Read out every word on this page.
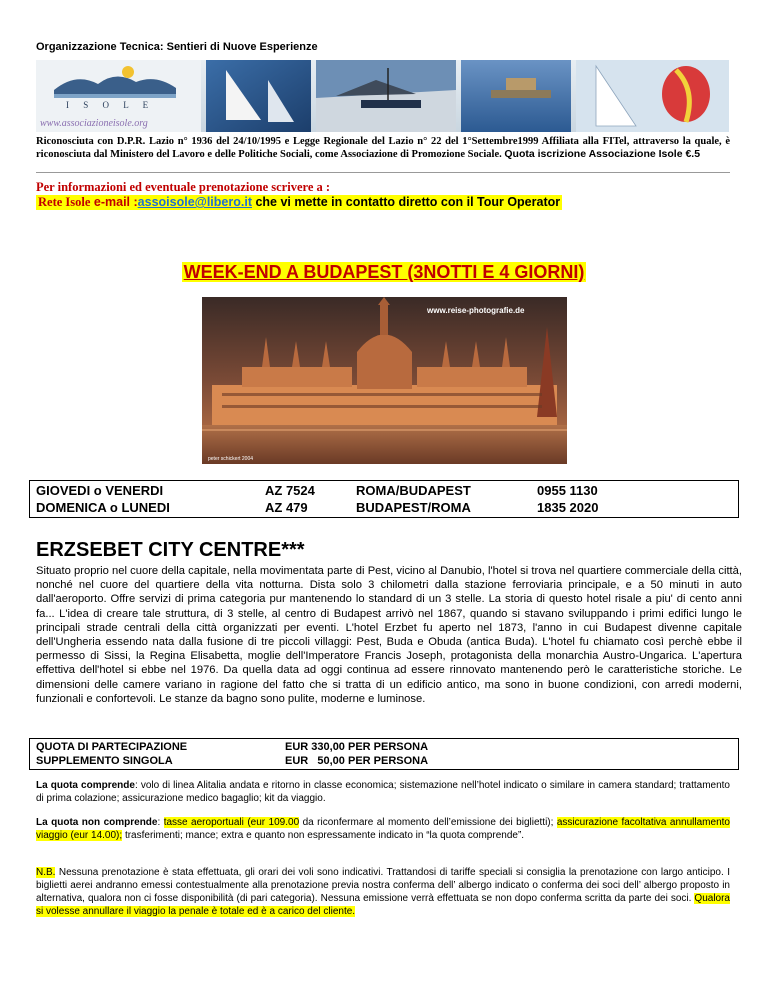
Organizzazione Tecnica: Sentieri di Nuove Esperienze
I S O L E
www.associazioneisole.org
Riconosciuta con D.P.R. Lazio n° 1936 del 24/10/1995 e Legge Regionale del Lazio n° 22 del 1°Settembre1999 Affiliata alla FITel, attraverso la quale, è riconosciuta dal Ministero del Lavoro e delle Politiche Sociali, come Associazione di Promozione Sociale. Quota iscrizione Associazione Isole €.5
Per informazioni ed eventuale prenotazione scrivere a :
Rete Isole e-mail :assoisole@libero.it che vi mette in contatto diretto con il Tour Operator
WEEK-END A BUDAPEST (3NOTTI E 4 GIORNI)
www.reise-photografie.de
peter schickert 2004
GIOVEDI o VENERDI	AZ 7524	ROMA/BUDAPEST	0955 1130
DOMENICA o LUNEDI	AZ 479	BUDAPEST/ROMA	1835 2020
ERZSEBET CITY CENTRE***
Situato proprio nel cuore della capitale, nella movimentata parte di Pest, vicino al Danubio, l'hotel si trova nel quartiere commerciale della città, nonché nel cuore del quartiere della vita notturna. Dista solo 3 chilometri dalla stazione ferroviaria principale, e a 50 minuti in auto dall'aeroporto. Offre servizi di prima categoria pur mantenendo lo standard di un 3 stelle. La storia di questo hotel risale a piu' di cento anni fa... L'idea di creare tale struttura, di 3 stelle, al centro di Budapest arrivò nel 1867, quando si stavano sviluppando i primi edifici lungo le principali strade centrali della città organizzati per eventi. L'hotel Erzbet fu aperto nel 1873, l'anno in cui Budapest divenne capitale dell'Ungheria essendo nata dalla fusione di tre piccoli villaggi: Pest, Buda e Obuda (antica Buda). L'hotel fu chiamato così perchè ebbe il permesso di Sissi, la Regina Elisabetta, moglie dell'Imperatore Francis Joseph, protagonista della monarchia Austro-Ungarica. L'apertura effettiva dell'hotel si ebbe nel 1976. Da quella data ad oggi continua ad essere rinnovato mantenendo però le caratteristiche storiche. Le dimensioni delle camere variano in ragione del fatto che si tratta di un edificio antico, ma sono in buone condizioni, con arredi moderni, funzionali e confortevoli. Le stanze da bagno sono pulite, moderne e luminose.
QUOTA DI PARTECIPAZIONE	EUR 330,00 PER PERSONA
SUPPLEMENTO SINGOLA	EUR   50,00 PER PERSONA
La quota comprende: volo di linea Alitalia andata e ritorno in classe economica; sistemazione nell’hotel indicato o similare in camera standard; trattamento di prima colazione; assicurazione medico bagaglio; kit da viaggio.
La quota non comprende: tasse aeroportuali (eur 109.00 da riconfermare al momento dell’emissione dei biglietti); assicurazione facoltativa annullamento viaggio (eur 14.00); trasferimenti; mance; extra e quanto non espressamente indicato in “la quota comprende”.
N.B. Nessuna prenotazione è stata effettuata, gli orari dei voli sono indicativi. Trattandosi di tariffe speciali si consiglia la prenotazione con largo anticipo. I biglietti aerei andranno emessi contestualmente alla prenotazione previa nostra conferma dell’ albergo indicato o conferma dei soci dell’ albergo proposto in alternativa, qualora non ci fosse disponibilità (di pari categoria). Nessuna emissione verrà effettuata se non dopo conferma scritta da parte dei soci. Qualora si volesse annullare il viaggio la penale è totale ed è a carico del cliente.
